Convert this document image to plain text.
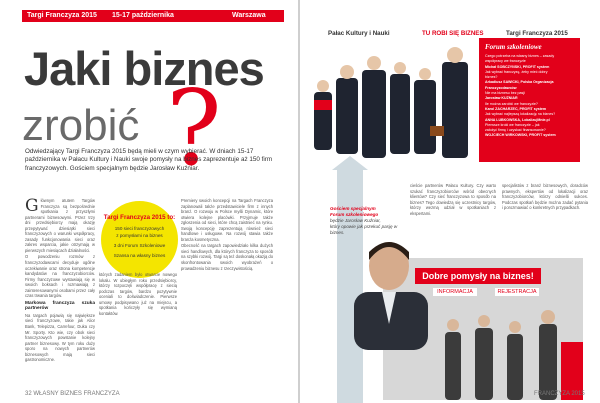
Targi Franczyza 2015 15-17 października	Warszawa
Jaki biznes
zrobić ?
Odwiedzający Targi Franczyza 2015 będą mieli w czym wybierać. W dniach 15-17 października w Pałacu Kultury i Nauki swoje pomysły na biznes zaprezentuje aż 150 firm franczyzowych. Gościem specjalnym będzie Jarosław Kuźniar.

Głównym atutem Targów Franczyza są bezpośrednie spotkania z przyszłymi partnerami biznesowymi. Przez trzy dni przedsiębiorcy mają okazję przepytywać dziesiątki sieci franczyzowych o warunki współpracy, zasady funkcjonowania sieci oraz zakres wsparcia, jakie otrzymają w pierwszych miesiącach działalności.

O powodzeniu rozmów z franczyzodawcami decyduje ogólne oczekiwanie oraz strona kompetencje kandydatów na franczyzobiorców. Firmy franczyzowe wystawiają się w swoich boksach i rozmawiają z zainteresowanymi osobami przez cały czas trwania targów.

Markowa franczyza szuka partnerów

Na targach pojawią się największe sieci franczyzowe, takie jak Alior Bank, Telepizza, Carrefour, Duka czy Mr. Sporty. Kto wie, czy obok sieci franczyzowych powstanie kolejny partner biznesowy. W tym roku duży sporo na nowych partnerów biznesowych mają sieci gastronomiczne.

Targi Franczyza 2015 to:
150 sieci franczyzowych
z pomysłami na biznes
3 dni Forum Szkoleniowe
Szansa na własny biznes

których zadaniem było otwarcie nowego lokalu. W ubiegłym roku przedsiębiorcy, którzy rozpoczęli współpracę z siecią podczas targów, bardzo pozytywnie oceniali to doświadczenie. Pierwsze umowy podpisywano już na miejscu, a spotkania kończyły się wymianą kontaktów.

Premiery swoich koncepcji na Targach Franczyza zaplanowali także przedstawiciele firm z innych branż. O rozwoju w Polsce myśli Dynamic, które otwiera kolejne placówki. Przyjmuje także zgłoszenia od sieci, które chcą zaistnieć na rynku. Swoją koncepcję zaprezentują również sieci handlowe i usługowe. Na rozwój stawia także branża kosmetyczna.

Obecność na targach zapowiedziało kilka dużych sieci handlowych, dla których franczyza to sposób na szybki rozwój. Targi są też doskonałą okazją do skonfrontowania swoich wyobrażeń o prowadzeniu biznesu z rzeczywistością.

32 WŁASNY BIZNES FRANCZYZA
Pałac Kultury i Nauki	TU ROBI SIĘ BIZNES	Targi Franczyza 2015
Forum szkoleniowe
Czego potrzeba na własny biznes – zasady
współpracy we franczyzie
Michał SOBCZYŃSKI, PROFIT system
Jak wybrać franczyzę, żeby mieć dobry
biznes?
Arkadiusz SAWICKI, Polska Organizacja
Franczyzodawców
Nie ma biznesu bez pasji
Jarosław KUŹNIAR
Ile można zarobić we franczyzie?
Karol ZACHARZEC, PROFIT system
Jak wybrać najlepszą lokalizację na biznes?
ANNA LUBKOWSKA, LokalizujMnie.pl
Pierwsze kroki we franczyzie – jak
założyć firmę i uzyskać finansowanie?
WOJCIECH WIRKOWSKI, PROFIT system
Gościem specjalnym
Forum szkoleniowego
będzie Jarosław Kuźniar,
który opowie jak przekuć pasję w biznes.

cieście partnerów Pałacu Kultury. Czy warto szukać franczyzobiorców wśród obecnych klientów? Czy sieć franczyzowa to sposób na biznes? Tego dowiedzą się uczestnicy targów, którzy wezmą udział w spotkaniach z ekspertami.

specjalistów z branż biznesowych, doradców prawnych, ekspertów od lokalizacji oraz franczyzobiorców, którzy odnieśli sukces. Podczas spotkań będzie można zadać pytania i porozmawiać o konkretnych przypadkach.

Dobre pomysły na biznes!
INFORMACJA	REJESTRACJA
FRANCZYZA 2015
